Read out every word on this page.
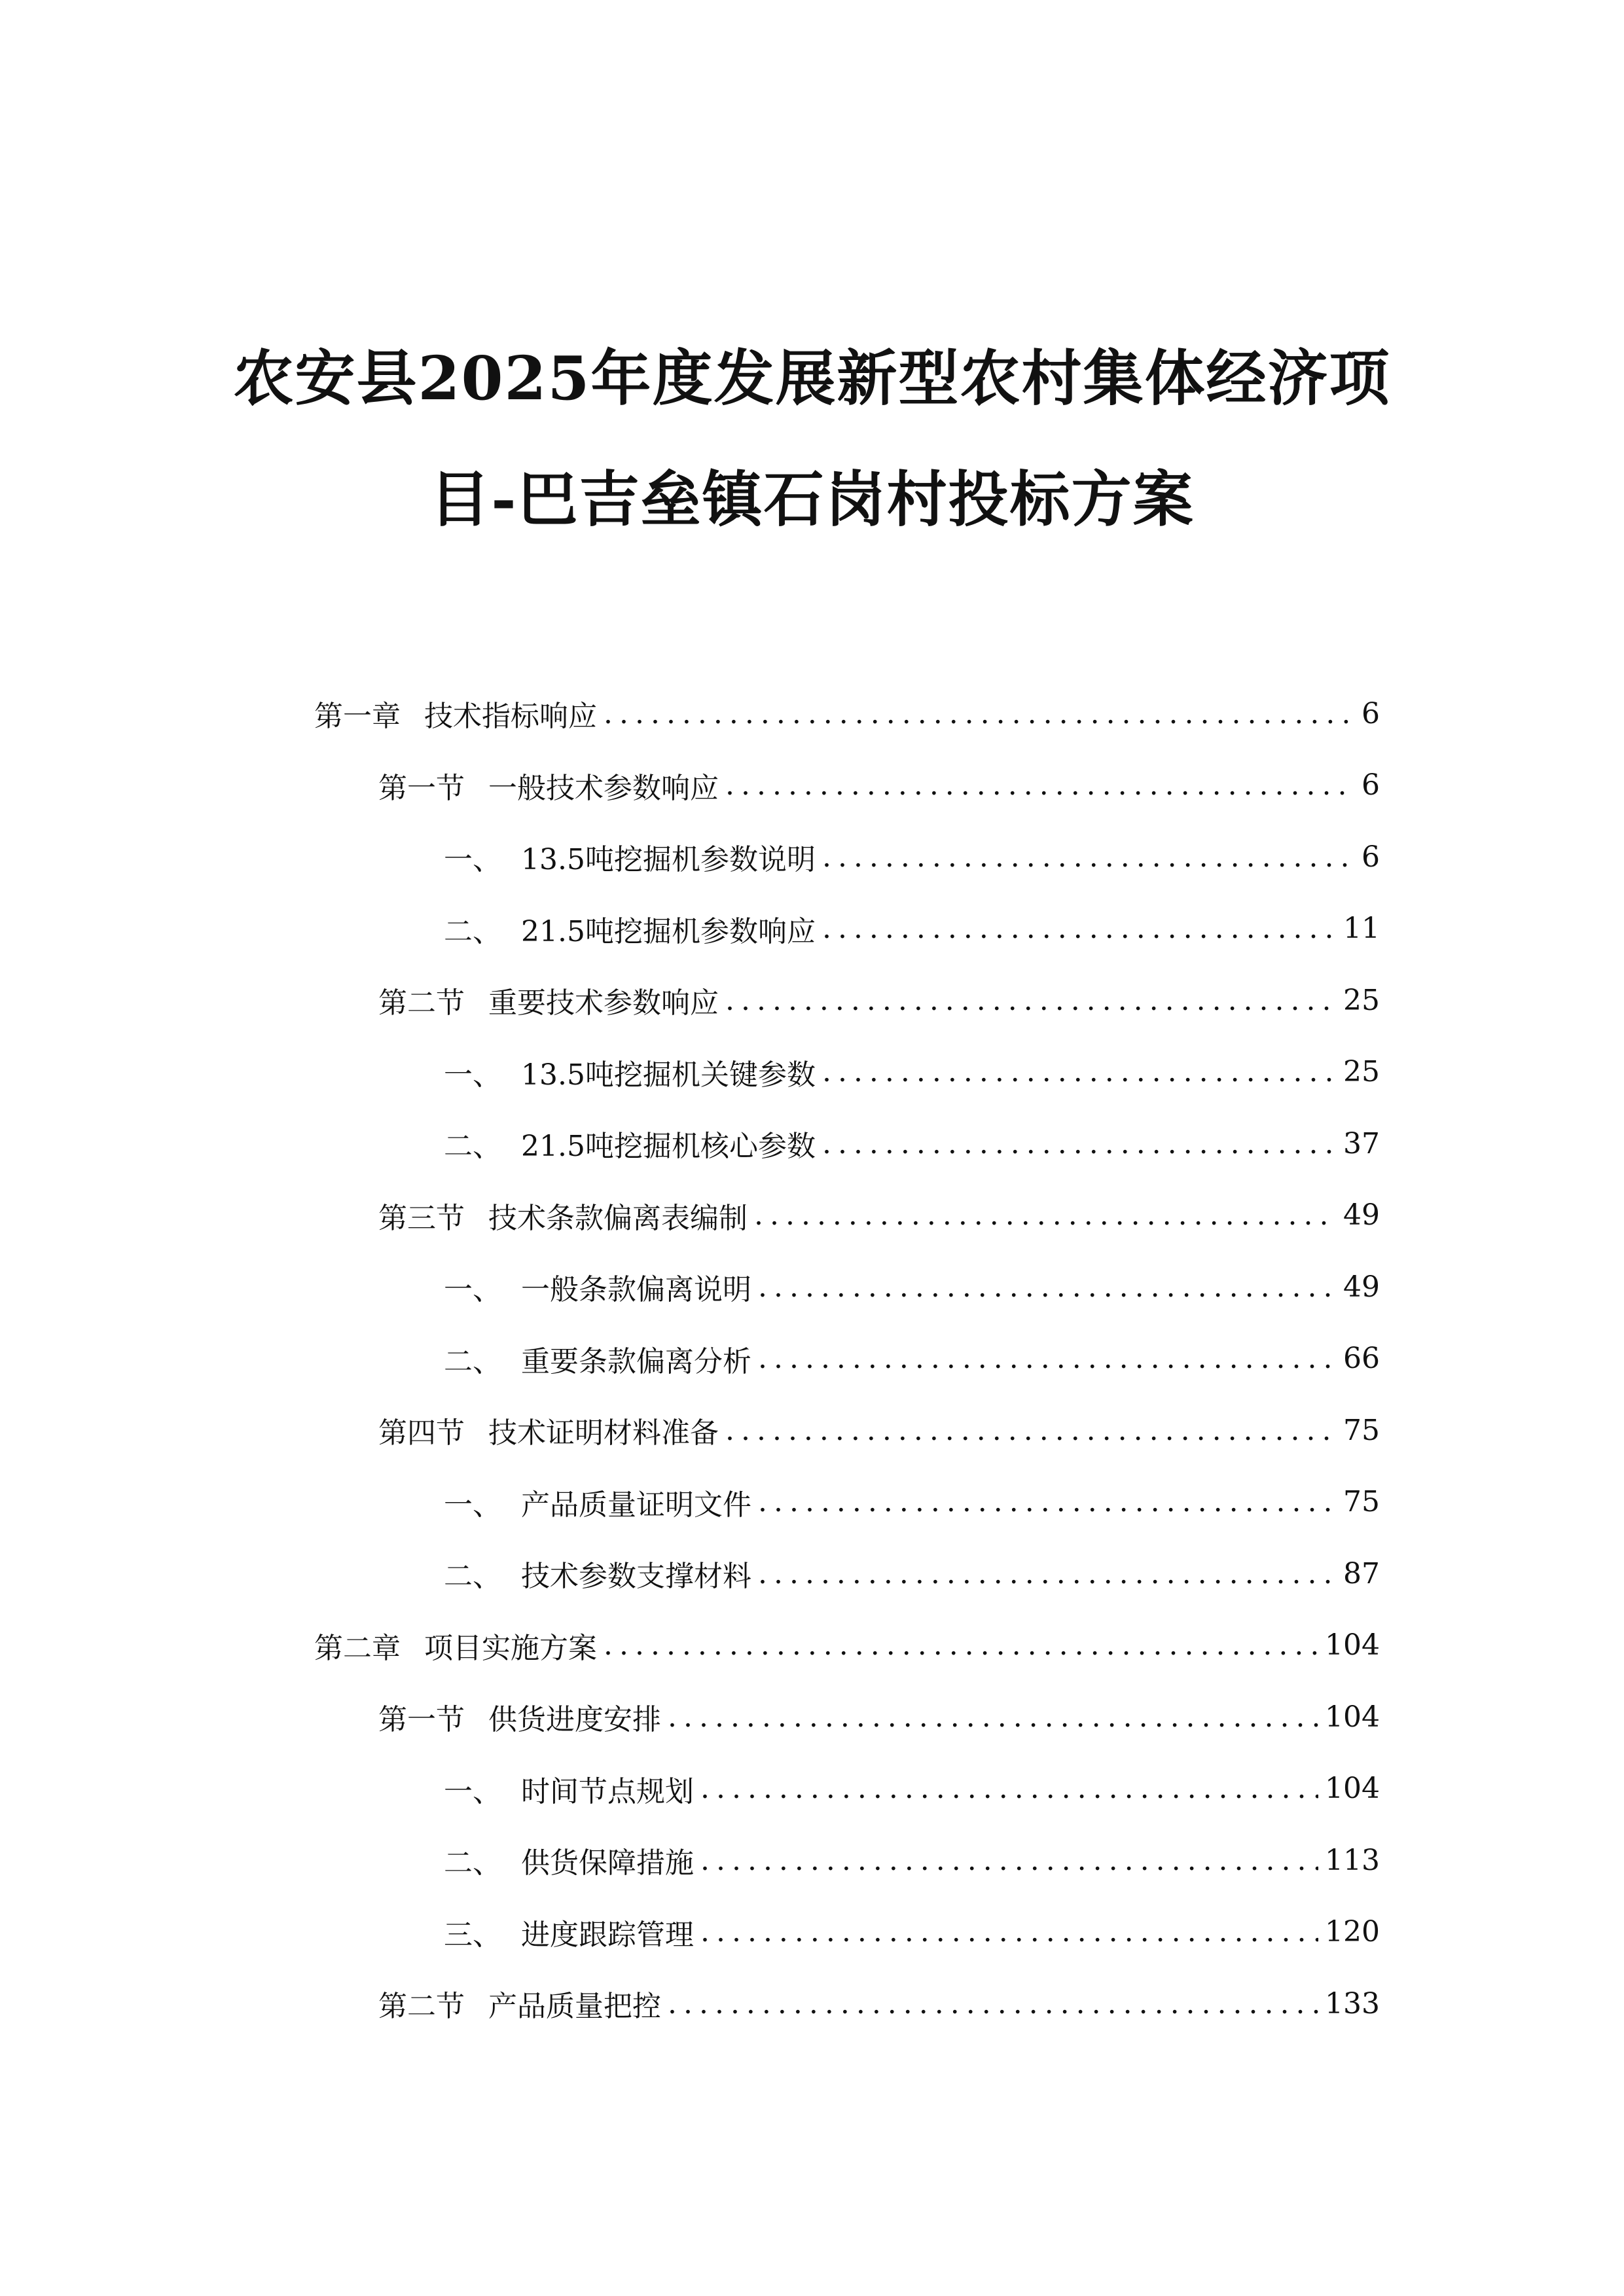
农安县2025年度发展新型农村集体经济项
目-巴吉垒镇石岗村投标方案
第一章 技术指标响应 .....	6
第一节 一般技术参数响应 .....	6
一、 13.5吨挖掘机参数说明 .....	6
二、 21.5吨挖掘机参数响应 .....	11
第二节 重要技术参数响应 .....	25
一、 13.5吨挖掘机关键参数 .....	25
二、 21.5吨挖掘机核心参数 .....	37
第三节 技术条款偏离表编制 .....	49
一、 一般条款偏离说明 .....	49
二、 重要条款偏离分析 .....	66
第四节 技术证明材料准备 .....	75
一、 产品质量证明文件 .....	75
二、 技术参数支撑材料 .....	87
第二章 项目实施方案 .....	104
第一节 供货进度安排 .....	104
一、 时间节点规划 .....	104
二、 供货保障措施 .....	113
三、 进度跟踪管理 .....	120
第二节 产品质量把控 .....	133
